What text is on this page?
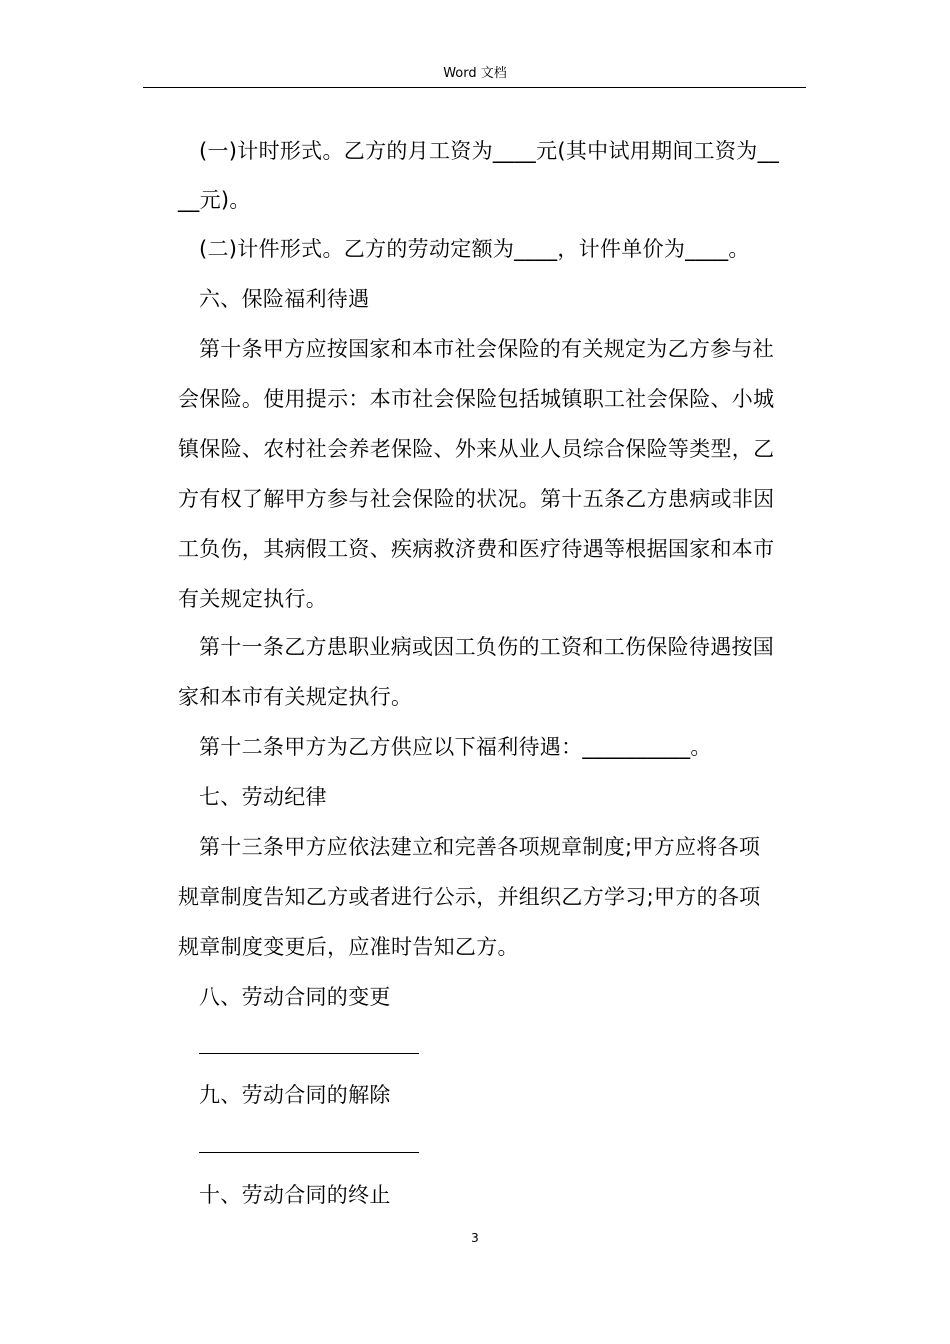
Word 文档
(一)计时形式。乙方的月工资为____元(其中试用期间工资为__
__元)。
(二)计件形式。乙方的劳动定额为____，计件单价为____。
六、保险福利待遇
第十条甲方应按国家和本市社会保险的有关规定为乙方参与社
会保险。使用提示：本市社会保险包括城镇职工社会保险、小城
镇保险、农村社会养老保险、外来从业人员综合保险等类型，乙
方有权了解甲方参与社会保险的状况。第十五条乙方患病或非因
工负伤，其病假工资、疾病救济费和医疗待遇等根据国家和本市
有关规定执行。
第十一条乙方患职业病或因工负伤的工资和工伤保险待遇按国
家和本市有关规定执行。
第十二条甲方为乙方供应以下福利待遇：__________。
七、劳动纪律
第十三条甲方应依法建立和完善各项规章制度;甲方应将各项
规章制度告知乙方或者进行公示，并组织乙方学习;甲方的各项
规章制度变更后，应准时告知乙方。
八、劳动合同的变更
九、劳动合同的解除
十、劳动合同的终止
3
